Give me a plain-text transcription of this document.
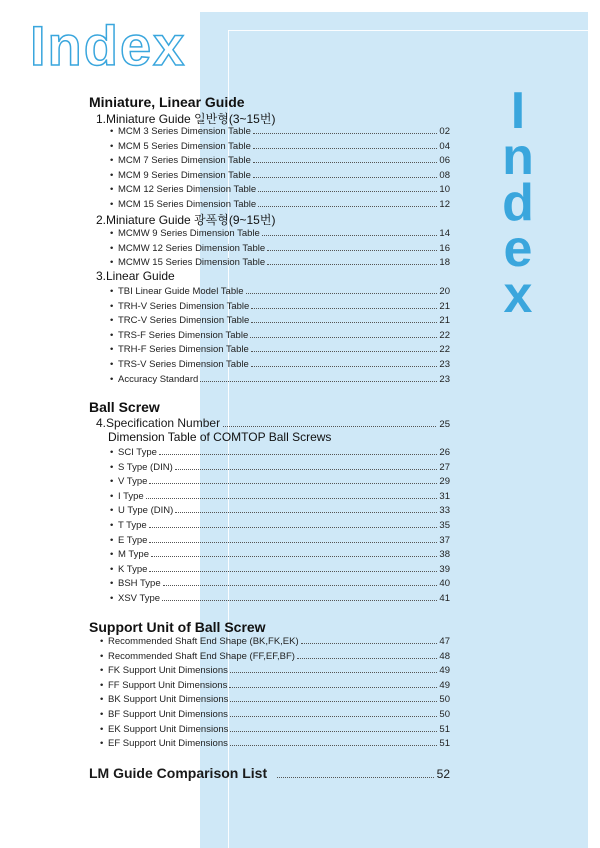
Index
I
n
d
e
x
Miniature, Linear Guide
1.Miniature Guide 일반형(3~15번)
• MCM 3 Series Dimension Table	02
• MCM 5 Series Dimension Table	04
• MCM 7 Series Dimension Table	06
• MCM 9 Series Dimension Table	08
• MCM 12 Series Dimension Table	10
• MCM 15 Series Dimension Table	12
2.Miniature Guide 광폭형(9~15번)
• MCMW 9 Series Dimension Table	14
• MCMW 12 Series Dimension Table	16
• MCMW 15 Series Dimension Table	18
3.Linear Guide
• TBI Linear Guide Model Table	20
• TRH-V Series Dimension Table	21
• TRC-V Series Dimension Table	21
• TRS-F Series Dimension Table	22
• TRH-F Series Dimension Table	22
• TRS-V Series Dimension Table	23
• Accuracy Standard	23
Ball Screw
4.Specification Number	25
Dimension Table of COMTOP Ball Screws
• SCI Type	26
• S Type (DIN)	27
• V Type	29
• I Type	31
• U Type (DIN)	33
• T Type	35
• E Type	37
• M Type	38
• K Type	39
• BSH Type	40
• XSV Type	41
Support Unit of Ball Screw
• Recommended Shaft End Shape (BK,FK,EK)	47
• Recommended Shaft End Shape (FF,EF,BF)	48
• FK Support Unit Dimensions	49
• FF Support Unit Dimensions	49
• BK Support Unit Dimensions	50
• BF Support Unit Dimensions	50
• EK Support Unit Dimensions	51
• EF Support Unit Dimensions	51
LM Guide Comparison List	52
